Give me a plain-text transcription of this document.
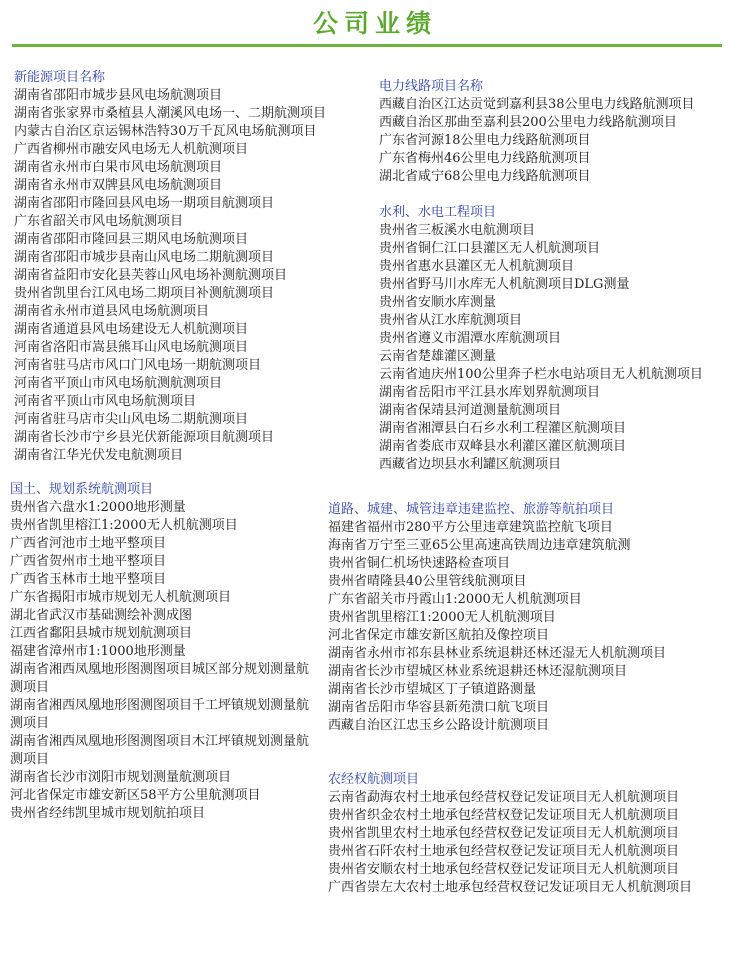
公司业绩
新能源项目名称
湖南省邵阳市城步县风电场航测项目
湖南省张家界市桑植县人潮溪风电场一、二期航测项目
内蒙古自治区京运锡林浩特30万千瓦风电场航测项目
广西省柳州市融安风电场无人机航测项目
湖南省永州市白果市风电场航测项目
湖南省永州市双牌县风电场航测项目
湖南省邵阳市隆回县风电场一期项目航测项目
广东省韶关市风电场航测项目
湖南省邵阳市隆回县三期风电场航测项目
湖南省邵阳市城步县南山风电场二期航测项目
湖南省益阳市安化县芙蓉山风电场补测航测项目
贵州省凯里台江风电场二期项目补测航测项目
湖南省永州市道县风电场航测项目
湖南省通道县风电场建设无人机航测项目
河南省洛阳市嵩县熊耳山风电场航测项目
河南省驻马店市风口门风电场一期航测项目
河南省平顶山市风电场航测航测项目
河南省平顶山市风电场航测项目
河南省驻马店市尖山风电场二期航测项目
湖南省长沙市宁乡县光伏新能源项目航测项目
湖南省江华光伏发电航测项目
电力线路项目名称
西藏自治区江达贡觉到嘉利县38公里电力线路航测项目
西藏自治区那曲至嘉利县200公里电力线路航测项目
广东省河源18公里电力线路航测项目
广东省梅州46公里电力线路航测项目
湖北省咸宁68公里电力线路航测项目
水利、水电工程项目
贵州省三板溪水电航测项目
贵州省铜仁江口县灌区无人机航测项目
贵州省惠水县灌区无人机航测项目
贵州省野马川水库无人机航测项目DLG测量
贵州省安顺水库测量
贵州省从江水库航测项目
贵州省遵义市湄潭水库航测项目
云南省楚雄灌区测量
云南省迪庆州100公里奔子栏水电站项目无人机航测项目
湖南省岳阳市平江县水库划界航测项目
湖南省保靖县河道测量航测项目
湖南省湘潭县白石乡水利工程灌区航测项目
湖南省娄底市双峰县水利灌区灌区航测项目
西藏省边坝县水利罐区航测项目
国土、规划系统航测项目
贵州省六盘水1:2000地形测量
贵州省凯里榕江1:2000无人机航测项目
广西省河池市土地平整项目
广西省贺州市土地平整项目
广西省玉林市土地平整项目
广东省揭阳市城市规划无人机航测项目
湖北省武汉市基础测绘补测成图
江西省鄱阳县城市规划航测项目
福建省漳州市1:1000地形测量
湖南省湘西凤凰地形图测图项目城区部分规划测量航测项目
湖南省湘西凤凰地形图测图项目千工坪镇规划测量航测项目
湖南省湘西凤凰地形图测图项目木江坪镇规划测量航测项目
湖南省长沙市浏阳市规划测量航测项目
河北省保定市雄安新区58平方公里航测项目
贵州省经纬凯里城市规划航拍项目
道路、城建、城管违章违建监控、旅游等航拍项目
福建省福州市280平方公里违章建筑监控航飞项目
海南省万宁至三亚65公里高速高铁周边违章建筑航测
贵州省铜仁机场快速路检查项目
贵州省晴隆县40公里管线航测项目
广东省韶关市丹霞山1:2000无人机航测项目
贵州省凯里榕江1:2000无人机航测项目
河北省保定市雄安新区航拍及像控项目
湖南省永州市祁东县林业系统退耕还林还湿无人机航测项目
湖南省长沙市望城区林业系统退耕还林还湿航测项目
湖南省长沙市望城区丁子镇道路测量
湖南省岳阳市华容县新苑溃口航飞项目
西藏自治区江忠玉乡公路设计航测项目
农经权航测项目
云南省勐海农村土地承包经营权登记发证项目无人机航测项目
贵州省织金农村土地承包经营权登记发证项目无人机航测项目
贵州省凯里农村土地承包经营权登记发证项目无人机航测项目
贵州省石阡农村土地承包经营权登记发证项目无人机航测项目
贵州省安顺农村土地承包经营权登记发证项目无人机航测项目
广西省崇左大农村土地承包经营权登记发证项目无人机航测项目
